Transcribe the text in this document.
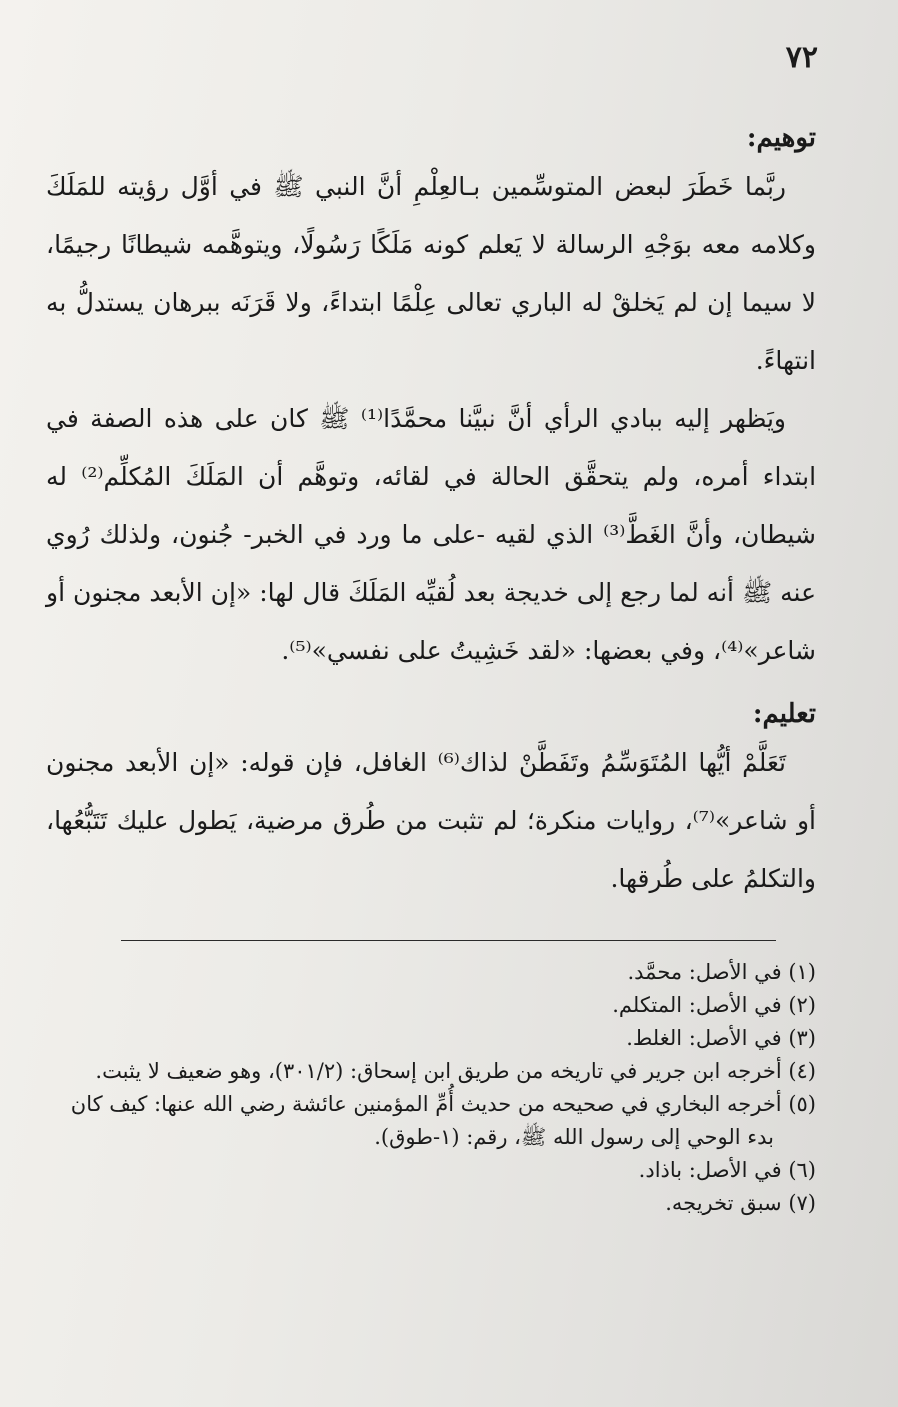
٧٢

توهيم:

ربَّما خَطَرَ لبعض المتوسِّمين بـالعِلْمِ أنَّ النبي ﷺ في أوَّل رؤيته للمَلَكَ وكلامه معه بوَجْهِ الرسالة لا يَعلم كونه مَلَكًا رَسُولًا، ويتوهَّمه شيطانًا رجيمًا، لا سيما إن لم يَخلقْ له الباري تعالى عِلْمًا ابتداءً، ولا قَرَنَه ببرهان يستدلُّ به انتهاءً.

ويَظهر إليه ببادي الرأي أنَّ نبيَّنا محمَّدًا⁽¹⁾ ﷺ كان على هذه الصفة في ابتداء أمره، ولم يتحقَّق الحالة في لقائه، وتوهَّم أن المَلَكَ المُكلِّم⁽²⁾ له شيطان، وأنَّ الغَطَّ⁽³⁾ الذي لقيه -على ما ورد في الخبر- جُنون، ولذلك رُوي عنه ﷺ أنه لما رجع إلى خديجة بعد لُقيِّه المَلَكَ قال لها: «إن الأبعد مجنون أو شاعر»⁽⁴⁾، وفي بعضها: «لقد خَشِيتُ على نفسي»⁽⁵⁾.

تعليم:

تَعَلَّمْ أيُّها المُتَوَسِّمُ وتَفَطَّنْ لذاك⁽⁶⁾ الغافل، فإن قوله: «إن الأبعد مجنون أو شاعر»⁽⁷⁾، روايات منكرة؛ لم تثبت من طُرق مرضية، يَطول عليك تَتَبُّعُها، والتكلمُ على طُرقها.

(١) في الأصل: محمَّد.

(٢) في الأصل: المتكلم.

(٣) في الأصل: الغلط.

(٤) أخرجه ابن جرير في تاريخه من طريق ابن إسحاق: (٣٠١/٢)، وهو ضعيف لا يثبت.

(٥) أخرجه البخاري في صحيحه من حديث أُمِّ المؤمنين عائشة رضي الله عنها: كيف كان

بدء الوحي إلى رسول الله ﷺ، رقم: (١-طوق).

(٦) في الأصل: باذاد.

(٧) سبق تخريجه.
